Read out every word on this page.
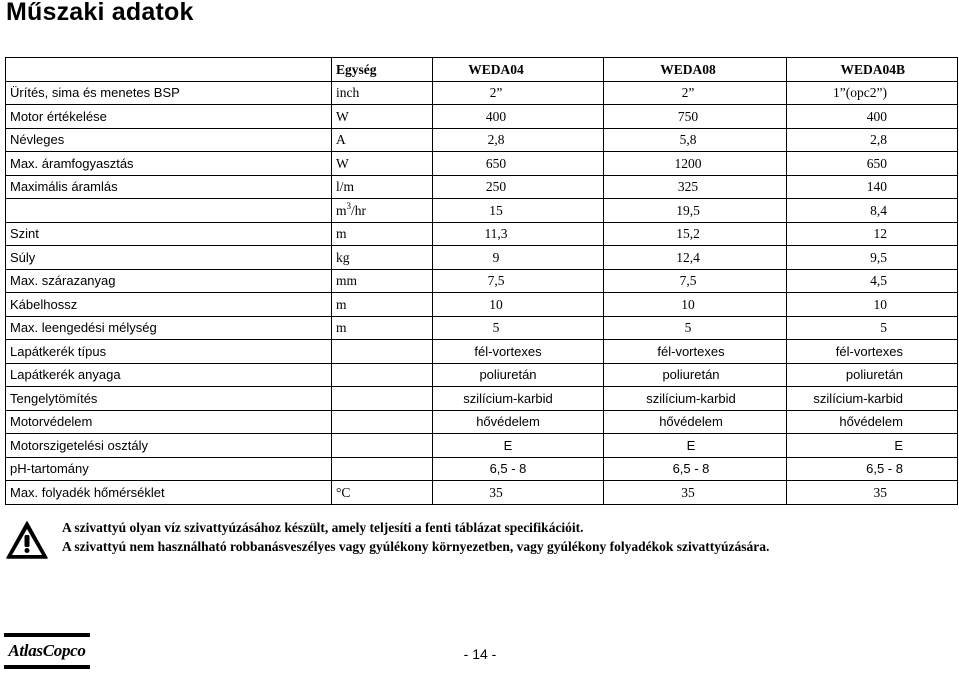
Műszaki adatok
	Egység	WEDA04	WEDA08	WEDA04B
Ürítés, sima és menetes BSP	inch	2”	2”	1”(opc2”)
Motor értékelése	W	400	750	400
Névleges	A	2,8	5,8	2,8
Max. áramfogyasztás	W	650	1200	650
Maximális áramlás	l/m	250	325	140
	$m^3/hr$	15	19,5	8,4
Szint	m	11,3	15,2	12
Súly	kg	9	12,4	9,5
Max. szárazanyag	mm	7,5	7,5	4,5
Kábelhossz	m	10	10	10
Max. leengedési mélység	m	5	5	5
Lapátkerék típus		fél-vortexes	fél-vortexes	fél-vortexes
Lapátkerék anyaga		poliuretán	poliuretán	poliuretán
Tengelytömítés		szilícium-karbid	szilícium-karbid	szilícium-karbid
Motorvédelem		hővédelem	hővédelem	hővédelem
Motorszigetelési osztály		E	E	E
pH-tartomány		6,5 - 8	6,5 - 8	6,5 - 8
Max. folyadék hőmérséklet	°C	35	35	35
A szivattyú olyan víz szivattyúzásához készült, amely teljesíti a fenti táblázat specifikációit.
A szivattyú nem használható robbanásveszélyes vagy gyúlékony környezetben, vagy gyúlékony folyadékok szivattyúzására.
AtlasCopco	- 14 -
